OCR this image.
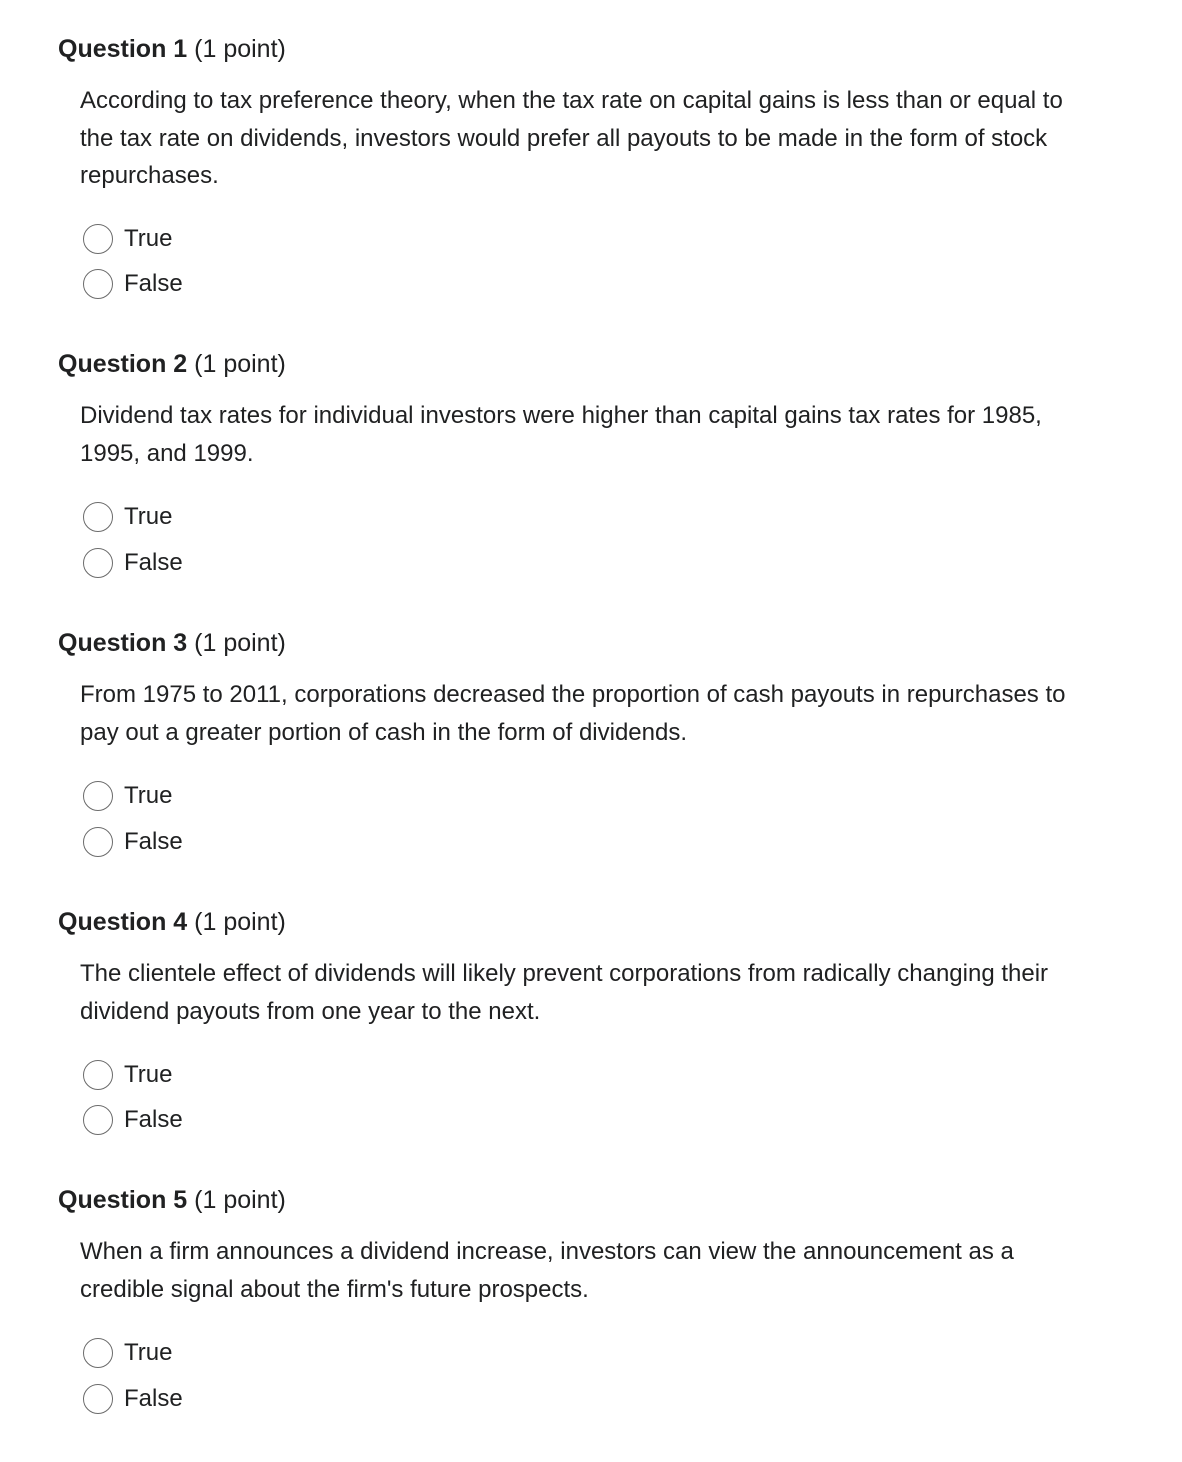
Question 1 (1 point)
According to tax preference theory, when the tax rate on capital gains is less than or equal to the tax rate on dividends, investors would prefer all payouts to be made in the form of stock repurchases.
True
False
Question 2 (1 point)
Dividend tax rates for individual investors were higher than capital gains tax rates for 1985, 1995, and 1999.
True
False
Question 3 (1 point)
From 1975 to 2011, corporations decreased the proportion of cash payouts in repurchases to pay out a greater portion of cash in the form of dividends.
True
False
Question 4 (1 point)
The clientele effect of dividends will likely prevent corporations from radically changing their dividend payouts from one year to the next.
True
False
Question 5 (1 point)
When a firm announces a dividend increase, investors can view the announcement as a credible signal about the firm's future prospects.
True
False
